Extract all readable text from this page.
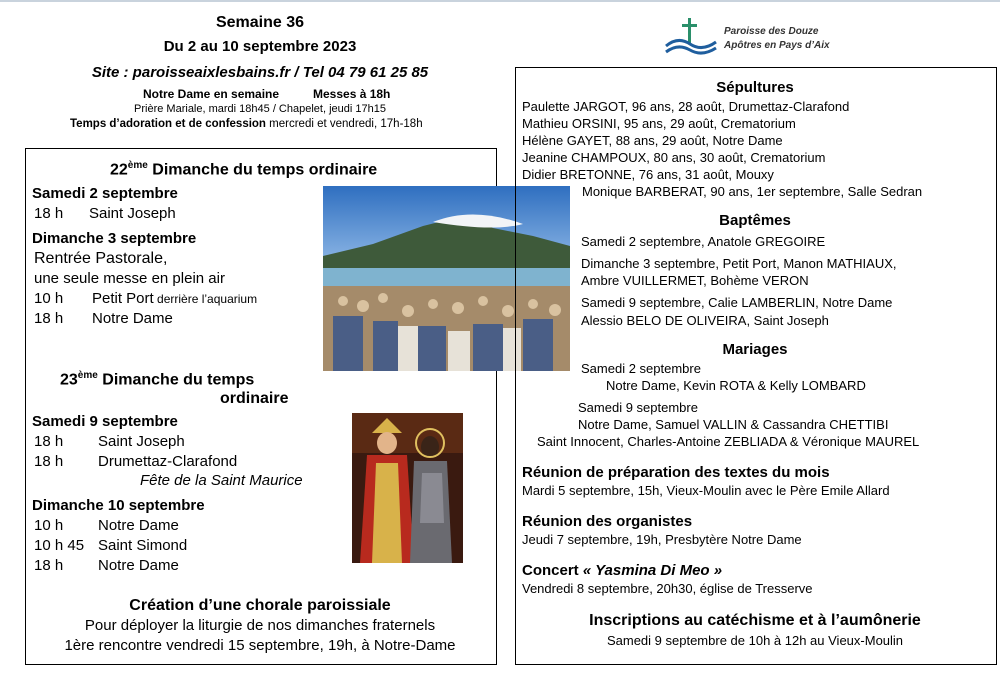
Semaine 36
Du 2 au 10 septembre 2023
Site : paroisseaixlesbains.fr / Tel 04 79 61 25 85
Notre Dame en semaine	Messes à 18h
Prière Mariale, mardi 18h45 / Chapelet, jeudi 17h15
Temps d’adoration et de confession mercredi et vendredi, 17h-18h
Paroisse des Douze
Apôtres en Pays d’Aix
22ème Dimanche du temps ordinaire
Samedi 2 septembre
18 h Saint Joseph
Dimanche 3 septembre
Rentrée Pastorale,
une seule messe en plein air
10 h Petit Port derrière l’aquarium
18 h Notre Dame
23ème Dimanche du temps
ordinaire
Samedi 9 septembre
18 h Saint Joseph
18 h Drumettaz-Clarafond
Fête de la Saint Maurice
Dimanche 10 septembre
10 h Notre Dame
10 h 45 Saint Simond
18 h Notre Dame
Création d’une chorale paroissiale
Pour déployer la liturgie de nos dimanches fraternels
1ère rencontre vendredi 15 septembre, 19h, à Notre-Dame
Sépultures
Paulette JARGOT, 96 ans, 28 août, Drumettaz-Clarafond
Mathieu ORSINI, 95 ans, 29 août, Crematorium
Hélène GAYET, 88 ans, 29 août, Notre Dame
Jeanine CHAMPOUX, 80 ans, 30 août, Crematorium
Didier BRETONNE, 76 ans, 31 août, Mouxy
Monique BARBERAT, 90 ans, 1er septembre, Salle Sedran
Baptêmes
Samedi 2 septembre, Anatole GREGOIRE
Dimanche 3 septembre, Petit Port, Manon MATHIAUX,
Ambre VUILLERMET, Bohème VERON
Samedi 9 septembre, Calie LAMBERLIN, Notre Dame
Alessio BELO DE OLIVEIRA, Saint Joseph
Mariages
Samedi 2 septembre
Notre Dame, Kevin ROTA & Kelly LOMBARD
Samedi 9 septembre
Notre Dame, Samuel VALLIN & Cassandra CHETTIBI
Saint Innocent, Charles-Antoine ZEBLIADA & Véronique MAUREL
Réunion de préparation des textes du mois
Mardi 5 septembre, 15h, Vieux-Moulin avec le Père Emile Allard
Réunion des organistes
Jeudi 7 septembre, 19h, Presbytère Notre Dame
Concert « Yasmina Di Meo »
Vendredi 8 septembre, 20h30, église de Tresserve
Inscriptions au catéchisme et à l’aumônerie
Samedi 9 septembre de 10h à 12h au Vieux-Moulin
